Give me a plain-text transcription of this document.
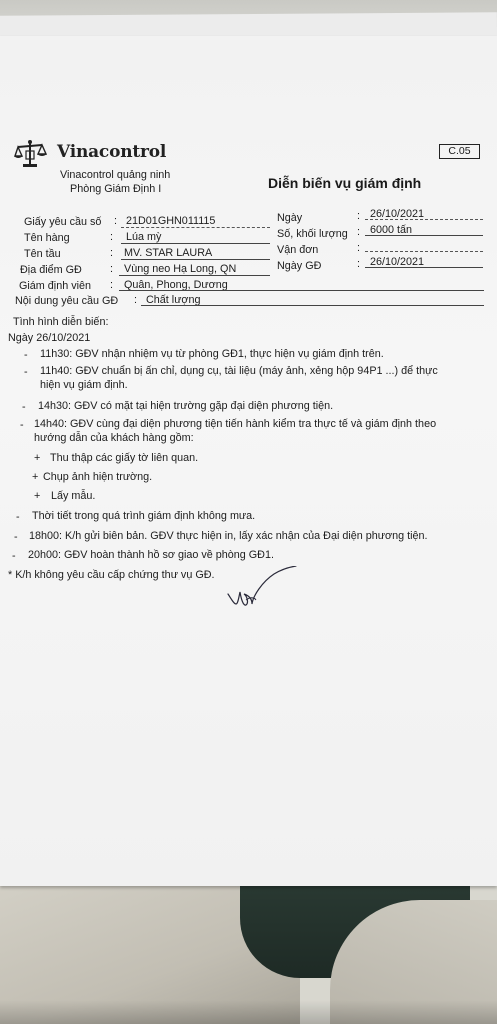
Vinacontrol	C.05
Vinacontrol quảng ninh
Phòng Giám Định I	Diễn biến vụ giám định
Giấy yêu cầu số : 21D01GHN011115
Tên hàng	: Lúa mỳ
Tên tầu	: MV. STAR LAURA
Địa điểm GĐ	: Vùng neo Hạ Long, QN
Giám định viên : Quân, Phong, Dương
Nội dung yêu cầu GĐ : Chất lượng
Ngày	: 26/10/2021
Số, khối lượng : 6000 tấn
Vận đơn	:
Ngày GĐ	: 26/10/2021
Tình hình diễn biến:
Ngày 26/10/2021
- 11h30: GĐV nhận nhiệm vụ từ phòng GĐ1, thực hiện vụ giám định trên.
- 11h40: GĐV chuẩn bị ấn chỉ, dụng cụ, tài liệu (máy ảnh, xẻng hộp 94P1 ...) để thực
hiện vụ giám định.
- 14h30: GĐV có mặt tại hiện trường gặp đại diện phương tiện.
- 14h40: GĐV cùng đại diện phương tiện tiến hành kiểm tra thực tế và giám định theo
hướng dẫn của khách hàng gồm:
+ Thu thập các giấy tờ liên quan.
+ Chụp ảnh hiện trường.
+ Lấy mẫu.
- Thời tiết trong quá trình giám định không mưa.
- 18h00: K/h gửi biên bản. GĐV thực hiện in, lấy xác nhận của Đại diện phương tiện.
- 20h00: GĐV hoàn thành hồ sơ giao về phòng GĐ1.
* K/h không yêu cầu cấp chứng thư vụ GĐ.
